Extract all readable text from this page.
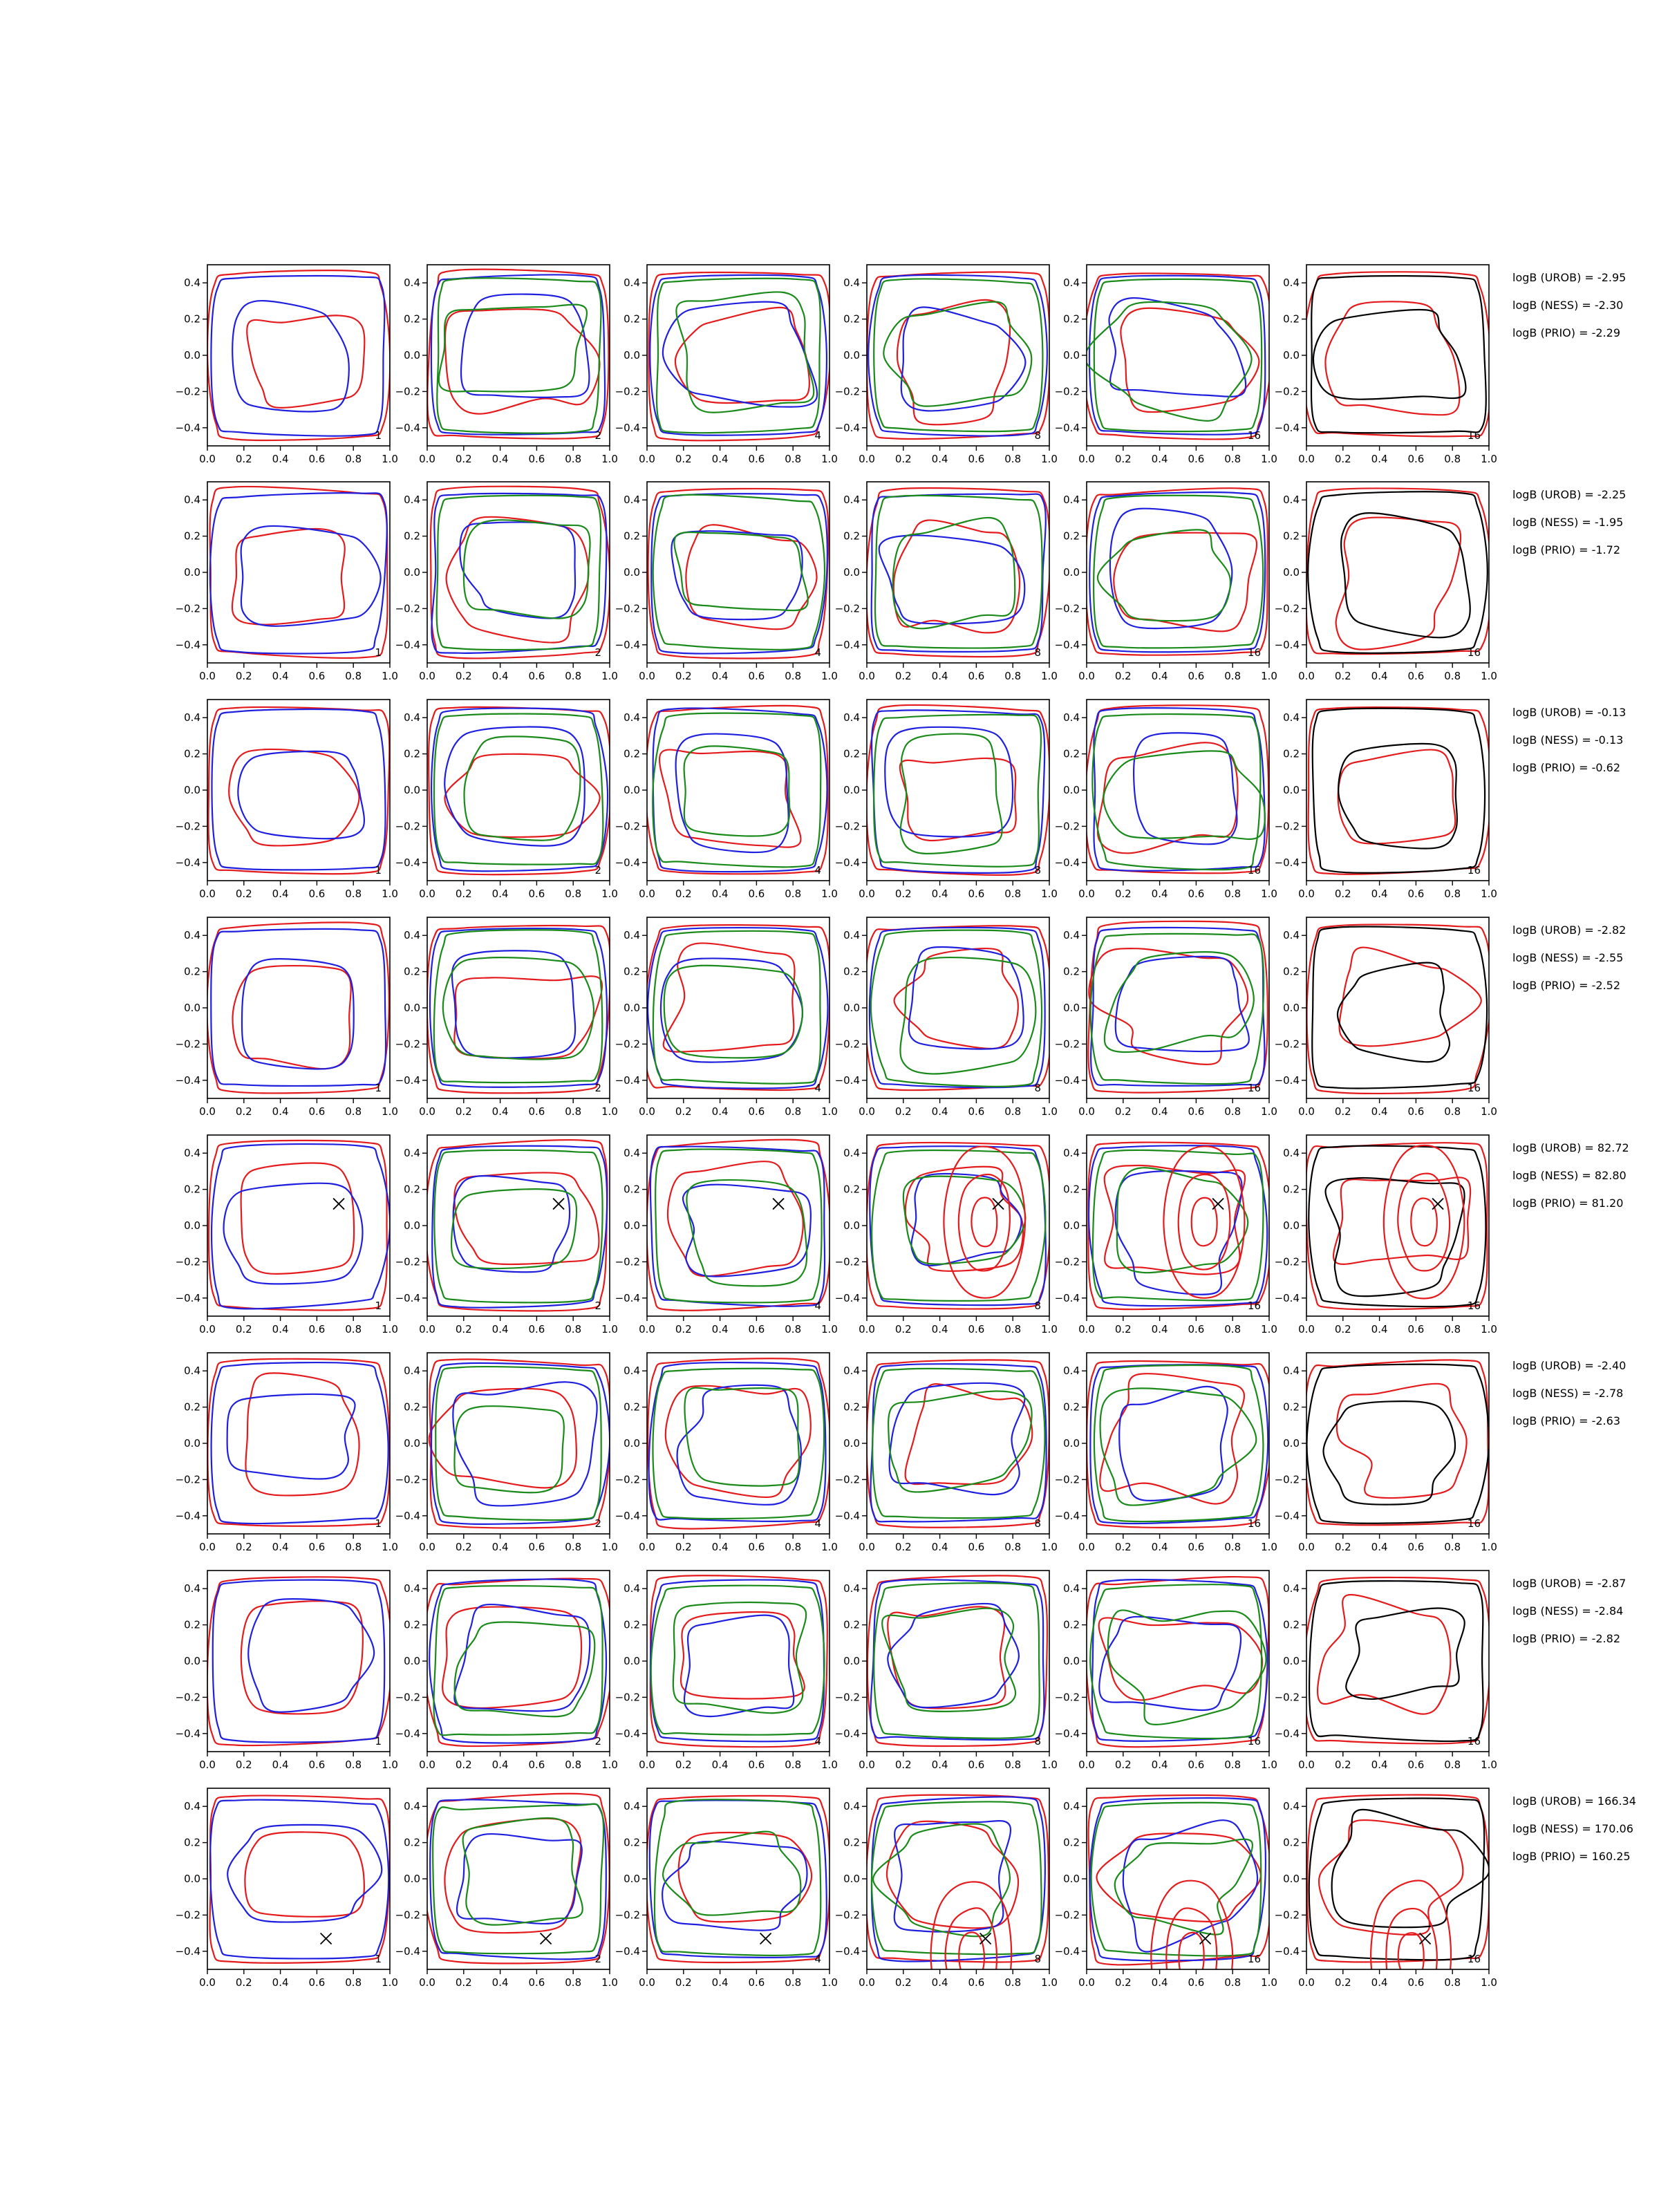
0.0 0.2 0.4 0.6 0.8 1.0
0.4
0.2
0.0
−0.2
−0.4
1
0.0 0.2 0.4 0.6 0.8 1.0
0.4
0.2
0.0
−0.2
−0.4
2
0.0 0.2 0.4 0.6 0.8 1.0
0.4
0.2
0.0
−0.2
−0.4
4
0.0 0.2 0.4 0.6 0.8 1.0
0.4
0.2
0.0
−0.2
−0.4
8
0.0 0.2 0.4 0.6 0.8 1.0
0.4
0.2
0.0
−0.2
−0.4
16
0.0 0.2 0.4 0.6 0.8 1.0
0.4
0.2
0.0
−0.2
−0.4
16
logB (UROB) = -2.95
logB (NESS) = -2.30
logB (PRIO) = -2.29
0.0 0.2 0.4 0.6 0.8 1.0
0.4
0.2
0.0
−0.2
−0.4
1
0.0 0.2 0.4 0.6 0.8 1.0
0.4
0.2
0.0
−0.2
−0.4
2
0.0 0.2 0.4 0.6 0.8 1.0
0.4
0.2
0.0
−0.2
−0.4
4
0.0 0.2 0.4 0.6 0.8 1.0
0.4
0.2
0.0
−0.2
−0.4
8
0.0 0.2 0.4 0.6 0.8 1.0
0.4
0.2
0.0
−0.2
−0.4
16
0.0 0.2 0.4 0.6 0.8 1.0
0.4
0.2
0.0
−0.2
−0.4
16
logB (UROB) = -2.25
logB (NESS) = -1.95
logB (PRIO) = -1.72
0.0 0.2 0.4 0.6 0.8 1.0
0.4
0.2
0.0
−0.2
−0.4
1
0.0 0.2 0.4 0.6 0.8 1.0
0.4
0.2
0.0
−0.2
−0.4
2
0.0 0.2 0.4 0.6 0.8 1.0
0.4
0.2
0.0
−0.2
−0.4
4
0.0 0.2 0.4 0.6 0.8 1.0
0.4
0.2
0.0
−0.2
−0.4
8
0.0 0.2 0.4 0.6 0.8 1.0
0.4
0.2
0.0
−0.2
−0.4
16
0.0 0.2 0.4 0.6 0.8 1.0
0.4
0.2
0.0
−0.2
−0.4
16
logB (UROB) = -0.13
logB (NESS) = -0.13
logB (PRIO) = -0.62
0.0 0.2 0.4 0.6 0.8 1.0
0.4
0.2
0.0
−0.2
−0.4
1
0.0 0.2 0.4 0.6 0.8 1.0
0.4
0.2
0.0
−0.2
−0.4
2
0.0 0.2 0.4 0.6 0.8 1.0
0.4
0.2
0.0
−0.2
−0.4
4
0.0 0.2 0.4 0.6 0.8 1.0
0.4
0.2
0.0
−0.2
−0.4
8
0.0 0.2 0.4 0.6 0.8 1.0
0.4
0.2
0.0
−0.2
−0.4
16
0.0 0.2 0.4 0.6 0.8 1.0
0.4
0.2
0.0
−0.2
−0.4
16
logB (UROB) = -2.82
logB (NESS) = -2.55
logB (PRIO) = -2.52
0.0 0.2 0.4 0.6 0.8 1.0
0.4
0.2
0.0
−0.2
−0.4
1
0.0 0.2 0.4 0.6 0.8 1.0
0.4
0.2
0.0
−0.2
−0.4
2
0.0 0.2 0.4 0.6 0.8 1.0
0.4
0.2
0.0
−0.2
−0.4
4
0.0 0.2 0.4 0.6 0.8 1.0
0.4
0.2
0.0
−0.2
−0.4
8
0.0 0.2 0.4 0.6 0.8 1.0
0.4
0.2
0.0
−0.2
−0.4
16
0.0 0.2 0.4 0.6 0.8 1.0
0.4
0.2
0.0
−0.2
−0.4
16
logB (UROB) = 82.72
logB (NESS) = 82.80
logB (PRIO) = 81.20
0.0 0.2 0.4 0.6 0.8 1.0
0.4
0.2
0.0
−0.2
−0.4
1
0.0 0.2 0.4 0.6 0.8 1.0
0.4
0.2
0.0
−0.2
−0.4
2
0.0 0.2 0.4 0.6 0.8 1.0
0.4
0.2
0.0
−0.2
−0.4
4
0.0 0.2 0.4 0.6 0.8 1.0
0.4
0.2
0.0
−0.2
−0.4
8
0.0 0.2 0.4 0.6 0.8 1.0
0.4
0.2
0.0
−0.2
−0.4
16
0.0 0.2 0.4 0.6 0.8 1.0
0.4
0.2
0.0
−0.2
−0.4
16
logB (UROB) = -2.40
logB (NESS) = -2.78
logB (PRIO) = -2.63
0.0 0.2 0.4 0.6 0.8 1.0
0.4
0.2
0.0
−0.2
−0.4
1
0.0 0.2 0.4 0.6 0.8 1.0
0.4
0.2
0.0
−0.2
−0.4
2
0.0 0.2 0.4 0.6 0.8 1.0
0.4
0.2
0.0
−0.2
−0.4
4
0.0 0.2 0.4 0.6 0.8 1.0
0.4
0.2
0.0
−0.2
−0.4
8
0.0 0.2 0.4 0.6 0.8 1.0
0.4
0.2
0.0
−0.2
−0.4
16
0.0 0.2 0.4 0.6 0.8 1.0
0.4
0.2
0.0
−0.2
−0.4
16
logB (UROB) = -2.87
logB (NESS) = -2.84
logB (PRIO) = -2.82
0.0 0.2 0.4 0.6 0.8 1.0
0.4
0.2
0.0
−0.2
−0.4
1
0.0 0.2 0.4 0.6 0.8 1.0
0.4
0.2
0.0
−0.2
−0.4
2
0.0 0.2 0.4 0.6 0.8 1.0
0.4
0.2
0.0
−0.2
−0.4
4
0.0 0.2 0.4 0.6 0.8 1.0
0.4
0.2
0.0
−0.2
−0.4
8
0.0 0.2 0.4 0.6 0.8 1.0
0.4
0.2
0.0
−0.2
−0.4
16
0.0 0.2 0.4 0.6 0.8 1.0
0.4
0.2
0.0
−0.2
−0.4
16
logB (UROB) = 166.34
logB (NESS) = 170.06
logB (PRIO) = 160.25
